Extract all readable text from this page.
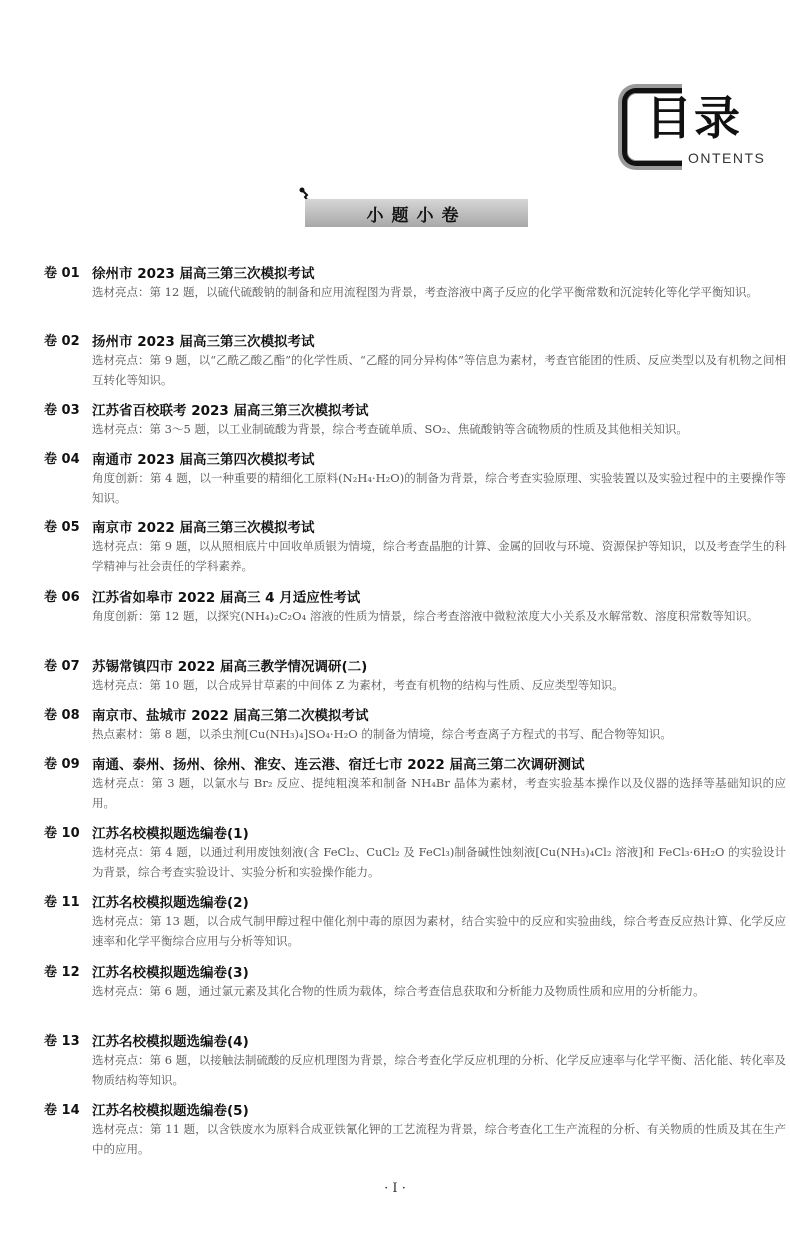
目录
ONTENTS
小题小卷
卷 01 徐州市 2023 届高三第三次模拟考试
选材亮点：第 12 题，以硫代硫酸钠的制备和应用流程图为背景，考查溶液中离子反应的化学平衡常数和沉淀转化等化学平衡知识。
卷 02 扬州市 2023 届高三第三次模拟考试
选材亮点：第 9 题，以“乙酰乙酸乙酯”的化学性质、“乙醛的同分异构体”等信息为素材，考查官能团的性质、反应类型以及有机物之间相互转化等知识。
卷 03 江苏省百校联考 2023 届高三第三次模拟考试
选材亮点：第 3～5 题，以工业制硫酸为背景，综合考查硫单质、SO₂、焦硫酸钠等含硫物质的性质及其他相关知识。
卷 04 南通市 2023 届高三第四次模拟考试
角度创新：第 4 题，以一种重要的精细化工原料(N₂H₄·H₂O)的制备为背景，综合考查实验原理、实验装置以及实验过程中的主要操作等知识。
卷 05 南京市 2022 届高三第三次模拟考试
选材亮点：第 9 题，以从照相底片中回收单质银为情境，综合考查晶胞的计算、金属的回收与环境、资源保护等知识，以及考查学生的科学精神与社会责任的学科素养。
卷 06 江苏省如皋市 2022 届高三 4 月适应性考试
角度创新：第 12 题，以探究(NH₄)₂C₂O₄ 溶液的性质为情景，综合考查溶液中微粒浓度大小关系及水解常数、溶度积常数等知识。
卷 07 苏锡常镇四市 2022 届高三教学情况调研(二)
选材亮点：第 10 题，以合成异甘草素的中间体 Z 为素材，考查有机物的结构与性质、反应类型等知识。
卷 08 南京市、盐城市 2022 届高三第二次模拟考试
热点素材：第 8 题，以杀虫剂[Cu(NH₃)₄]SO₄·H₂O 的制备为情境，综合考查离子方程式的书写、配合物等知识。
卷 09 南通、泰州、扬州、徐州、淮安、连云港、宿迁七市 2022 届高三第二次调研测试
选材亮点：第 3 题，以氯水与 Br₂ 反应、提纯粗溴苯和制备 NH₄Br 晶体为素材，考查实验基本操作以及仪器的选择等基础知识的应用。
卷 10 江苏名校模拟题选编卷(1)
选材亮点：第 4 题，以通过利用废蚀刻液(含 FeCl₂、CuCl₂ 及 FeCl₃)制备碱性蚀刻液[Cu(NH₃)₄Cl₂ 溶液]和 FeCl₃·6H₂O 的实验设计为背景，综合考查实验设计、实验分析和实验操作能力。
卷 11 江苏名校模拟题选编卷(2)
选材亮点：第 13 题，以合成气制甲醇过程中催化剂中毒的原因为素材，结合实验中的反应和实验曲线，综合考查反应热计算、化学反应速率和化学平衡综合应用与分析等知识。
卷 12 江苏名校模拟题选编卷(3)
选材亮点：第 6 题，通过氯元素及其化合物的性质为载体，综合考查信息获取和分析能力及物质性质和应用的分析能力。
卷 13 江苏名校模拟题选编卷(4)
选材亮点：第 6 题，以接触法制硫酸的反应机理图为背景，综合考查化学反应机理的分析、化学反应速率与化学平衡、活化能、转化率及物质结构等知识。
卷 14 江苏名校模拟题选编卷(5)
选材亮点：第 11 题，以含铁废水为原料合成亚铁氰化钾的工艺流程为背景，综合考查化工生产流程的分析、有关物质的性质及其在生产中的应用。
· I ·
